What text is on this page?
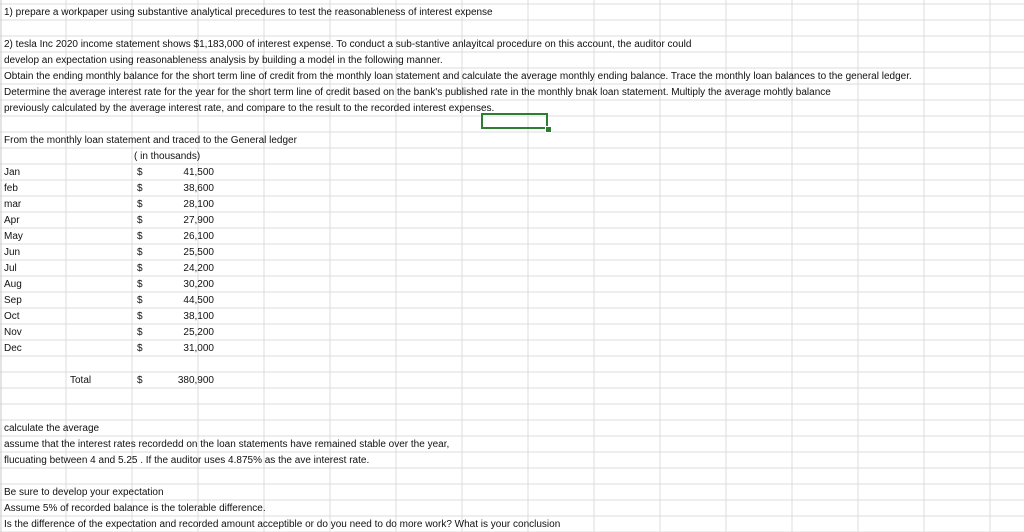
1) prepare a workpaper using substantive analytical precedures to test the reasonableness of interest expense
2) tesla Inc 2020 income statement shows $1,183,000 of interest expense. To conduct a sub-stantive anlayitcal procedure on this account, the auditor could
develop an expectation using reasonableness analysis by building a model in the following manner.
Obtain the ending monthly balance for the short term line of credit from the monthly loan statement and calculate the average monthly ending balance. Trace the monthly loan balances to the general ledger.
Determine the average interest rate for the year for the short term line of credit based on the bank's published rate in the monthly bnak loan statement. Multiply the average mohtly balance
previously calculated by the average interest rate, and compare to the result to the recorded interest expenses.
From the monthly loan statement and traced to the General ledger
( in thousands)
Jan	$	41,500
feb	$	38,600
mar	$	28,100
Apr	$	27,900
May	$	26,100
Jun	$	25,500
Jul	$	24,200
Aug	$	30,200
Sep	$	44,500
Oct	$	38,100
Nov	$	25,200
Dec	$	31,000
Total	$	380,900
calculate the average
assume that the interest rates recordedd on the loan statements have remained stable over the year,
flucuating between 4 and 5.25 . If the auditor uses 4.875% as the ave interest rate.
Be sure to develop your expectation
Assume 5% of recorded balance is the tolerable difference.
Is the difference of the expectation and recorded amount acceptible or do you need to do more work? What is your conclusion
